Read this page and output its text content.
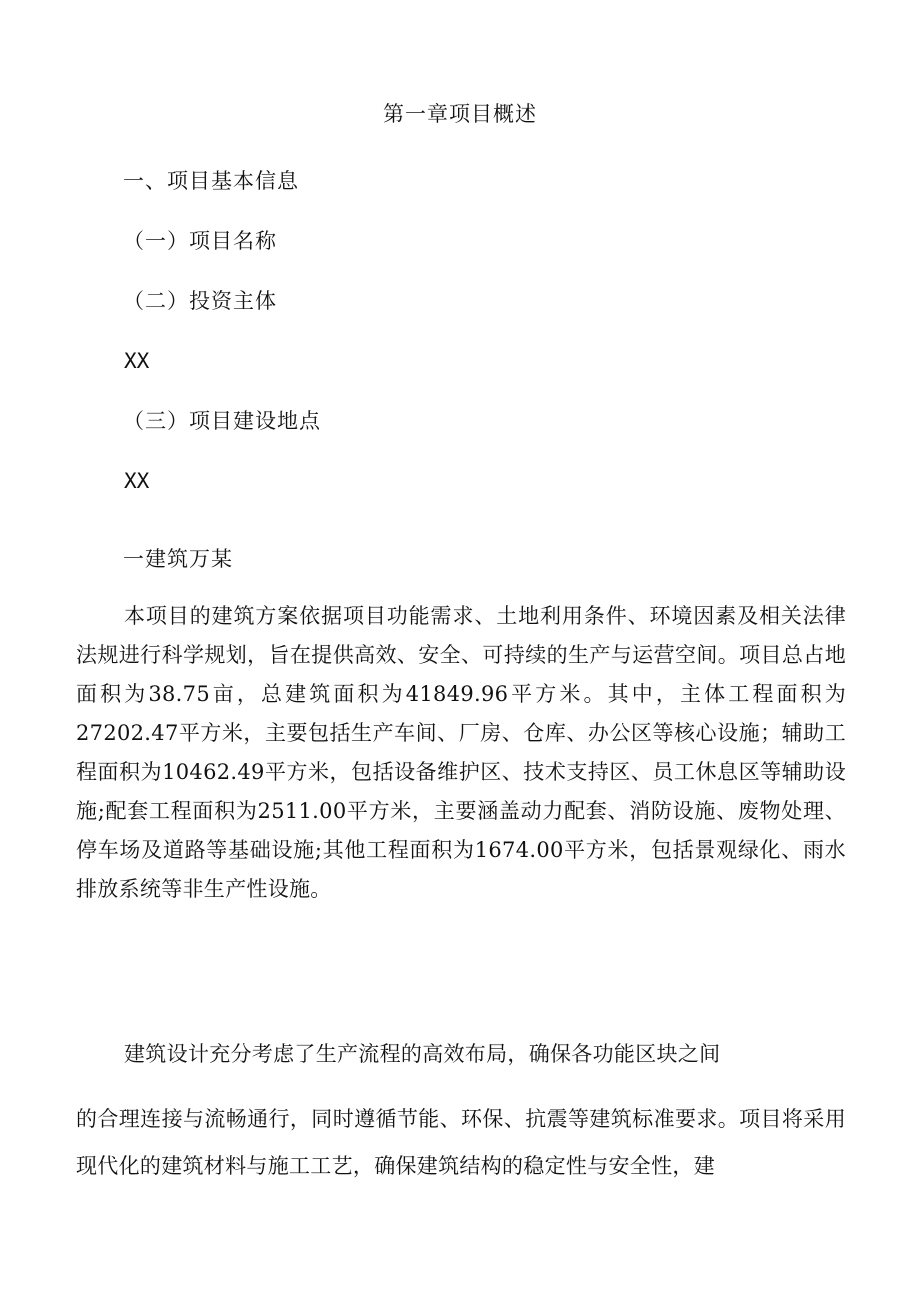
第一章项目概述
一、项目基本信息
（一）项目名称
（二）投资主体
XX
（三）项目建设地点
XX
一建筑万某
本项目的建筑方案依据项目功能需求、土地利用条件、环境因素及相关法律法规进行科学规划，旨在提供高效、安全、可持续的生产与运营空间。项目总占地面积为38.75亩，总建筑面积为41849.96平方米。其中，主体工程面积为27202.47平方米，主要包括生产车间、厂房、仓库、办公区等核心设施；辅助工程面积为10462.49平方米，包括设备维护区、技术支持区、员工休息区等辅助设施;配套工程面积为2511.00平方米，主要涵盖动力配套、消防设施、废物处理、停车场及道路等基础设施;其他工程面积为1674.00平方米，包括景观绿化、雨水排放系统等非生产性设施。
建筑设计充分考虑了生产流程的高效布局，确保各功能区块之间
的合理连接与流畅通行，同时遵循节能、环保、抗震等建筑标准要求。项目将采用现代化的建筑材料与施工工艺，确保建筑结构的稳定性与安全性，建
